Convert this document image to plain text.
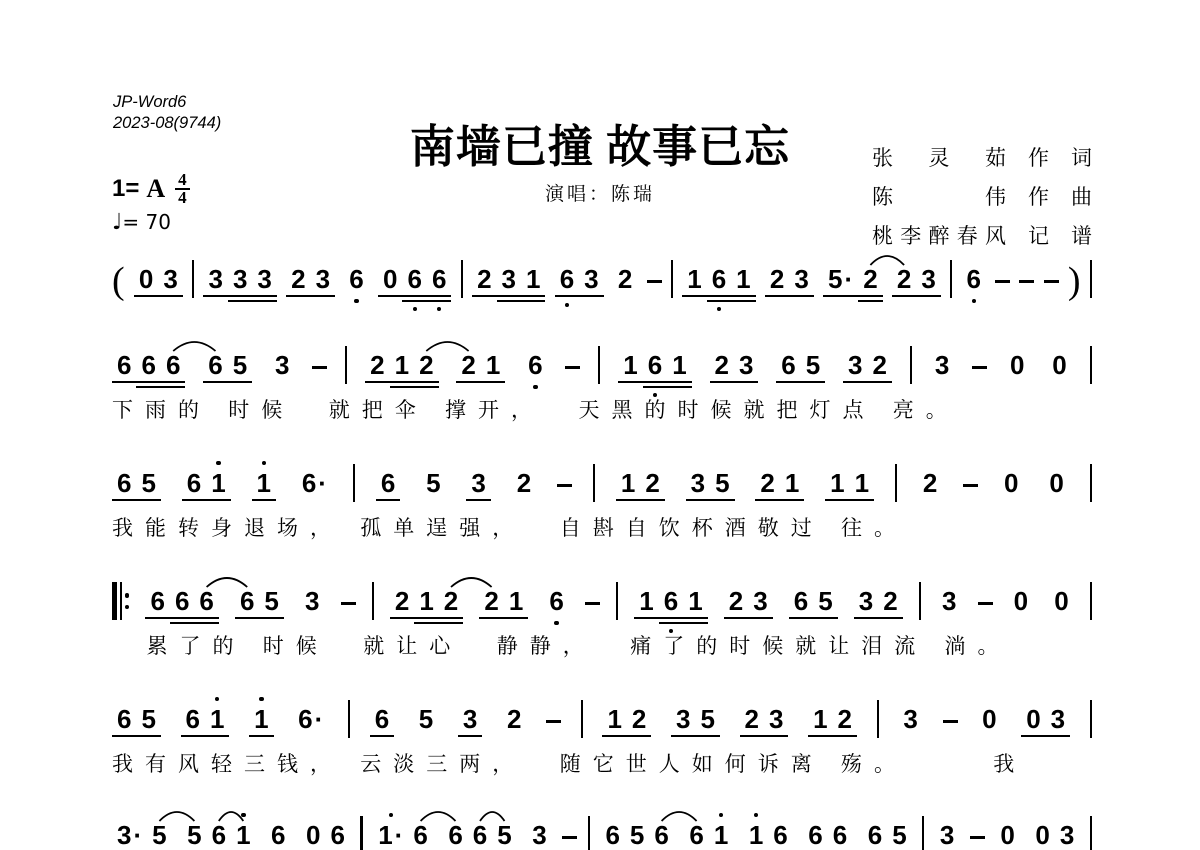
JP-Word6
2023-08(9744)	南墙已撞 故事已忘
演唱：陈瑞
张灵茹 作词
陈伟 作曲
桃李醉春风 记谱
1= A 4
4
♩= 70
( 0 3 3 3 3 2 3 6 0 6 6 2 3 1 6 3 2 1 6 1 2 3 5· 2 2 3 6 )
6 6 6 6 5 3	2 1 2 2 1 6	1 6 1 2 3 6 5 3 2 3 0 0
下雨的 时候  就把伞 撑开，  天黑的时候就把灯点 亮。
6 5 6 1 1 6· 6 5 3 2	1 2 3 5 2 1 1 1 2	0 0
我能转身退场， 孤单逞强，  自斟自饮杯酒敬过 往。
6 6 6 6 5 3	2 1 2 2 1 6	1 6 1 2 3 6 5 3 2 3 0 0
累了的 时候  就让心  静静，  痛了的时候就让泪流 淌。
6 5 6 1 1 6· 6 5 3 2	1 2 3 5 2 3 1 2 3 0 0 3
我有风轻三钱， 云淡三两，  随它世人如何诉离 殇。     我
3· 5 5 6 1 6 0 6 1· 6 6 6 5 3 6 5 6 6 1 1 6 6 6 6 5 3 0 0 3
